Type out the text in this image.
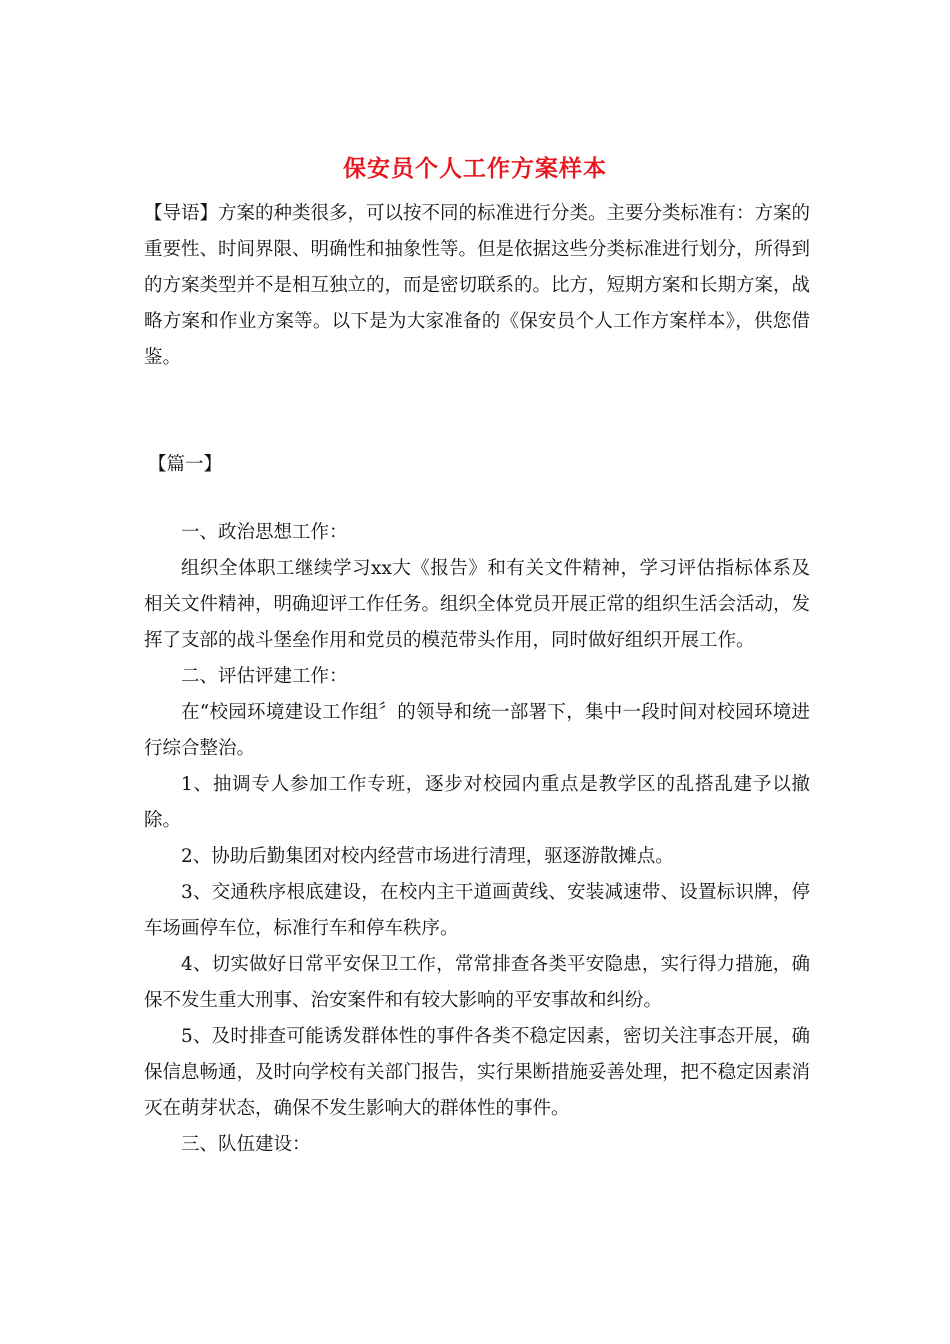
保安员个人工作方案样本

【导语】方案的种类很多，可以按不同的标准进行分类。主要分类标准有：方案的重要性、时间界限、明确性和抽象性等。但是依据这些分类标准进行划分，所得到的方案类型并不是相互独立的，而是密切联系的。比方，短期方案和长期方案，战略方案和作业方案等。以下是为大家准备的《保安员个人工作方案样本》，供您借鉴。

【篇一】

一、政治思想工作：

组织全体职工继续学习xx大《报告》和有关文件精神，学习评估指标体系及相关文件精神，明确迎评工作任务。组织全体党员开展正常的组织生活会活动，发挥了支部的战斗堡垒作用和党员的模范带头作用，同时做好组织开展工作。

二、评估评建工作：

在“校园环境建设工作组〞的领导和统一部署下，集中一段时间对校园环境进行综合整治。

1、抽调专人参加工作专班，逐步对校园内重点是教学区的乱搭乱建予以撤除。

2、协助后勤集团对校内经营市场进行清理，驱逐游散摊点。

3、交通秩序根底建设，在校内主干道画黄线、安装减速带、设置标识牌，停车场画停车位，标准行车和停车秩序。

4、切实做好日常平安保卫工作，常常排查各类平安隐患，实行得力措施，确保不发生重大刑事、治安案件和有较大影响的平安事故和纠纷。

5、及时排查可能诱发群体性的事件各类不稳定因素，密切关注事态开展，确保信息畅通，及时向学校有关部门报告，实行果断措施妥善处理，把不稳定因素消灭在萌芽状态，确保不发生影响大的群体性的事件。

三、队伍建设：
